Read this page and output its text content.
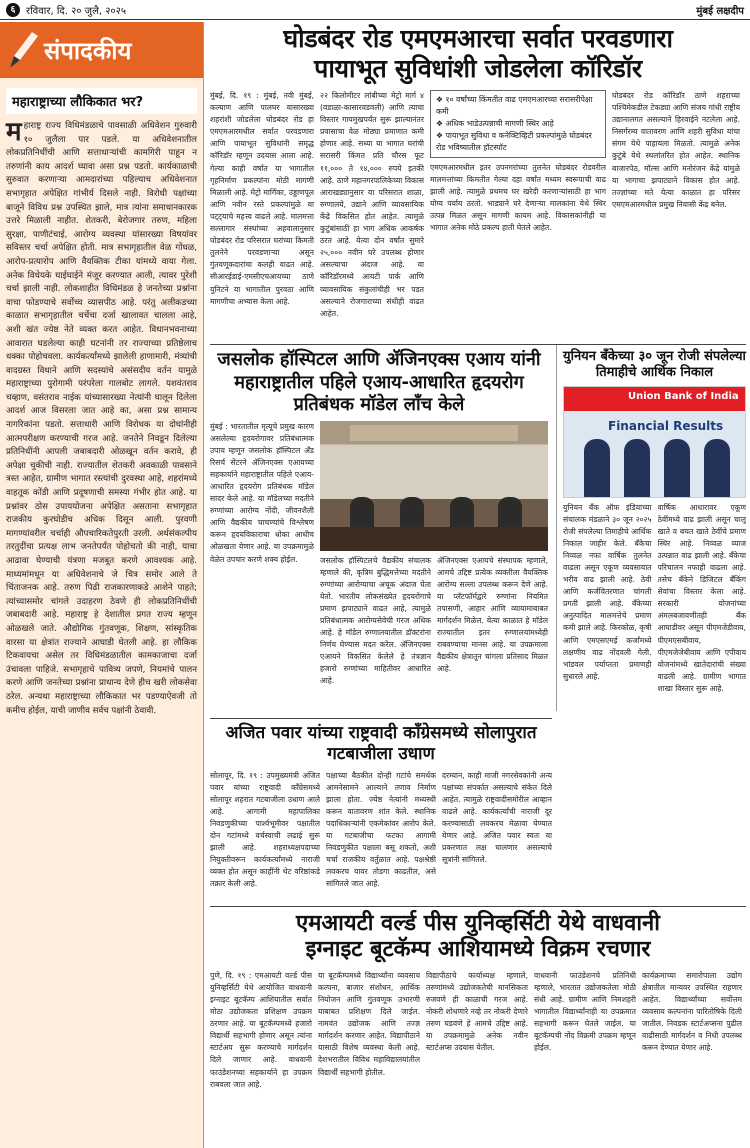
६	रविवार, दि. २० जुलै, २०२५	मुंबई लक्षदीप
संपादकीय
महाराष्ट्राच्या लौकिकात भर?
महाराष्ट्र राज्य विधिमंडळाचे पावसाळी अधिवेशन गुरुवारी १० जुलैला पार पडले. या अधिवेशनातील लोकप्रतिनिधींची आणि सत्ताधाऱ्यांची कामगिरी पाहून न तरुणांनी काय आदर्श घ्यावा असा प्रश्न पडतो. कार्यकाळाची सुरुवात करणाऱ्या आमदारांच्या पहिल्याच अधिवेशनात सभागृहात अपेक्षित गांभीर्य दिसले नाही. विरोधी पक्षांच्या बाजूने विविध प्रश्न उपस्थित झाले, मात्र त्यांना समाधानकारक उत्तरे मिळाली नाहीत. शेतकरी, बेरोजगार तरुण, महिला सुरक्षा, पाणीटंचाई, आरोग्य व्यवस्था यांसारख्या विषयांवर सविस्तर चर्चा अपेक्षित होती. मात्र सभागृहातील वेळ गोंधळ, आरोप-प्रत्यारोप आणि वैयक्तिक टीका यांमध्ये वाया गेला. अनेक विधेयके घाईघाईने मंजूर करण्यात आली, त्यावर पुरेशी चर्चा झाली नाही. लोकशाहीत विधिमंडळ हे जनतेच्या प्रश्नांना वाचा फोडण्याचे सर्वोच्च व्यासपीठ आहे. परंतु अलीकडच्या काळात सभागृहातील चर्चेचा दर्जा खालावत चालला आहे, अशी खंत ज्येष्ठ नेते व्यक्त करत आहेत. विधानभवनाच्या आवारात घडलेल्या काही घटनांनी तर राज्याच्या प्रतिष्ठेलाच धक्का पोहोचवला. कार्यकर्त्यांमध्ये झालेली हाणामारी, मंत्र्यांची वादग्रस्त विधाने आणि सदस्यांचे असंसदीय वर्तन यामुळे महाराष्ट्राच्या पुरोगामी परंपरेला गालबोट लागले. यशवंतराव चव्हाण, वसंतराव नाईक यांच्यासारख्या नेत्यांनी घालून दिलेला आदर्श आज विसरला जात आहे का, असा प्रश्न सामान्य नागरिकांना पडतो. सत्ताधारी आणि विरोधक या दोघांनीही आत्मपरीक्षण करण्याची गरज आहे. जनतेने निवडून दिलेल्या प्रतिनिधींनी आपली जबाबदारी ओळखून वर्तन करावे, ही अपेक्षा चुकीची नाही. राज्यातील शेतकरी अवकाळी पावसाने त्रस्त आहेत, ग्रामीण भागात रस्त्यांची दुरवस्था आहे, शहरांमध्ये वाहतूक कोंडी आणि प्रदूषणाची समस्या गंभीर होत आहे. या प्रश्नांवर ठोस उपाययोजना अपेक्षित असताना सभागृहात राजकीय कुरघोडीच अधिक दिसून आली. पुरवणी मागण्यांवरील चर्चाही औपचारिकतेपुरती उरली. अर्थसंकल्पीय तरतुदींचा प्रत्यक्ष लाभ जनतेपर्यंत पोहोचतो की नाही, याचा आढावा घेण्याची यंत्रणा मजबूत करणे आवश्यक आहे. माध्यमांमधून या अधिवेशनाचे जे चित्र समोर आले ते चिंताजनक आहे. तरुण पिढी राजकारणाकडे आशेने पाहते; त्यांच्यासमोर चांगले उदाहरण ठेवणे ही लोकप्रतिनिधींची जबाबदारी आहे. महाराष्ट्र हे देशातील प्रगत राज्य म्हणून ओळखले जाते. औद्योगिक गुंतवणूक, शिक्षण, सांस्कृतिक वारसा या क्षेत्रांत राज्याने आघाडी घेतली आहे. हा लौकिक टिकवायचा असेल तर विधिमंडळातील कामकाजाचा दर्जा उंचावला पाहिजे. सभागृहाचे पावित्र्य जपणे, नियमांचे पालन करणे आणि जनतेच्या प्रश्नांना प्राधान्य देणे हीच खरी लोकसेवा ठरेल. अन्यथा महाराष्ट्राच्या लौकिकात भर पडण्याऐवजी तो कमीच होईल, याची जाणीव सर्वच पक्षांनी ठेवावी.
घोडबंदर रोड एमएमआरचा सर्वात परवडणारा
पायाभूत सुविधांशी जोडलेला कॉरिडॉर
मुंबई, दि. १९ : मुंबई, नवी मुंबई, कल्याण आणि पालघर यासारख्या शहरांशी जोडलेला घोडबंदर रोड हा एमएमआरमधील सर्वात परवडणारा आणि पायाभूत सुविधांनी समृद्ध कॉरिडॉर म्हणून उदयास आला आहे. गेल्या काही वर्षांत या भागातील गृहनिर्माण प्रकल्पांना मोठी मागणी मिळाली आहे. मेट्रो मार्गिका, उड्डाणपूल आणि नवीन रस्ते प्रकल्पांमुळे या पट्ट्याचे महत्त्व वाढले आहे. मालमत्ता सल्लागार संस्थांच्या अहवालानुसार घोडबंदर रोड परिसरात घरांच्या किमती तुलनेने परवडणाऱ्या असून गुंतवणूकदारांचा कलही वाढत आहे. सीआरईडाई-एमसीएचआयच्या ठाणे युनिटने या भागातील पुरवठा आणि मागणीचा अभ्यास केला आहे.
२२ किलोमीटर लांबीच्या मेट्रो मार्ग ४ (वडाळा-कासारवडवली) आणि त्याचा विस्तार गायमुखपर्यंत सुरू झाल्यानंतर प्रवासाचा वेळ मोठ्या प्रमाणात कमी होणार आहे. सध्या या भागात घरांची सरासरी किंमत प्रति चौरस फूट ११,००० ते १४,००० रुपये इतकी आहे. ठाणे महानगरपालिकेच्या विकास आराखड्यानुसार या परिसरात शाळा, रुग्णालये, उद्याने आणि व्यावसायिक केंद्रे विकसित होत आहेत. त्यामुळे कुटुंबांसाठी हा भाग अधिक आकर्षक ठरत आहे. येत्या दोन वर्षांत सुमारे २५,००० नवीन घरे उपलब्ध होणार असल्याचा अंदाज आहे. या कॉरिडॉरमध्ये आयटी पार्क आणि व्यावसायिक संकुलांचीही भर पडत असल्याने रोजगाराच्या संधीही वाढत आहेत.
❖ १० वर्षांच्या किंमतीत वाढ एमएमआरच्या सरासरीपेक्षा कमी
❖ अधिक भाडेउत्पन्नाची मागणी स्थिर आहे
❖ पायाभूत सुविधा व कनेक्टिव्हिटी प्रकल्पांमुळे घोडबंदर रोड भविष्यातील हॉटस्पॉट
एमएमआरमधील इतर उपनगरांच्या तुलनेत घोडबंदर रोडवरील मालमत्तांच्या किमतीत गेल्या दहा वर्षांत मध्यम स्वरूपाची वाढ झाली आहे. त्यामुळे प्रथमच घर खरेदी करणाऱ्यांसाठी हा भाग योग्य पर्याय ठरतो. भाड्याने घरे देणाऱ्या मालकांना येथे स्थिर उत्पन्न मिळत असून मागणी कायम आहे. विकासकांनीही या भागात अनेक मोठे प्रकल्प हाती घेतले आहेत.
घोडबंदर रोड कॉरिडॉर ठाणे शहराच्या पश्चिमेकडील टेकड्या आणि संजय गांधी राष्ट्रीय उद्यानालगत असल्याने हिरवाईने नटलेला आहे. निसर्गरम्य वातावरण आणि शहरी सुविधा यांचा संगम येथे पाहायला मिळतो. त्यामुळे अनेक कुटुंबे येथे स्थलांतरित होत आहेत. स्थानिक बाजारपेठ, मॉल्स आणि मनोरंजन केंद्रे यांमुळे या भागाचा झपाट्याने विकास होत आहे. तज्ज्ञांच्या मते येत्या काळात हा परिसर एमएमआरमधील प्रमुख निवासी केंद्र बनेल.
जसलोक हॉस्पिटल आणि ॲजिनएक्स एआय यांनी महाराष्ट्रातील पहिले एआय-आधारित हृदयरोग प्रतिबंधक मॉडेल लाँच केले
मुंबई : भारतातील मृत्यूचे प्रमुख कारण असलेल्या हृदयरोगावर प्रतिबंधात्मक उपाय म्हणून जसलोक हॉस्पिटल अँड रिसर्च सेंटरने ॲजिनएक्स एआयच्या सहकार्याने महाराष्ट्रातील पहिले एआय-आधारित हृदयरोग प्रतिबंधक मॉडेल सादर केले आहे. या मॉडेलच्या मदतीने रुग्णांच्या आरोग्य नोंदी, जीवनशैली आणि वैद्यकीय चाचण्यांचे विश्लेषण करून हृदयविकाराचा धोका आधीच ओळखता येणार आहे. या उपक्रमामुळे वेळेत उपचार करणे शक्य होईल.	जसलोक हॉस्पिटलचे वैद्यकीय संचालक म्हणाले की, कृत्रिम बुद्धिमत्तेच्या मदतीने रुग्णांच्या आरोग्याचा अचूक अंदाज घेता येतो. भारतीय लोकसंख्येत हृदयरोगाचे प्रमाण झपाट्याने वाढत आहे, त्यामुळे प्रतिबंधात्मक आरोग्यसेवेची गरज अधिक आहे. हे मॉडेल रुग्णालयातील डॉक्टरांना निर्णय घेण्यास मदत करेल. ॲजिनएक्स एआयने विकसित केलेले हे तंत्रज्ञान हजारो रुग्णांच्या माहितीवर आधारित आहे.
ॲजिनएक्स एआयचे संस्थापक म्हणाले, आमचे उद्दिष्ट प्रत्येक व्यक्तीला वैयक्तिक आरोग्य सल्ला उपलब्ध करून देणे आहे. या प्लॅटफॉर्मद्वारे रुग्णांना नियमित तपासणी, आहार आणि व्यायामाबाबत मार्गदर्शन मिळेल. येत्या काळात हे मॉडेल राज्यातील इतर रुग्णालयांमध्येही राबवण्याचा मानस आहे. या उपक्रमाला वैद्यकीय क्षेत्रातून चांगला प्रतिसाद मिळत आहे.
युनियन बँकेच्या ३० जून रोजी संपलेल्या तिमाहीचे आर्थिक निकाल
Union Bank of India
Financial Results
युनियन बँक ऑफ इंडियाच्या संचालक मंडळाने ३० जून २०२५ रोजी संपलेल्या तिमाहीचे आर्थिक निकाल जाहीर केले. बँकेचा निव्वळ नफा वार्षिक तुलनेत वाढला असून एकूण व्यवसायात भरीव वाढ झाली आहे. ठेवी आणि कर्जवितरणात चांगली प्रगती झाली आहे. बँकेच्या अनुत्पादित मालमत्तेचे प्रमाण कमी झाले आहे. किरकोळ, कृषी आणि एमएसएमई कर्जांमध्ये लक्षणीय वाढ नोंदवली गेली. भांडवल पर्याप्तता प्रमाणही सुधारले आहे.
वार्षिक आधारावर एकूण ठेवींमध्ये वाढ झाली असून चालू खाते व बचत खाते ठेवींचे प्रमाण स्थिर आहे. निव्वळ व्याज उत्पन्नात वाढ झाली आहे. बँकेचा परिचालन नफाही वाढला आहे. तसेच बँकेने डिजिटल बँकिंग सेवांचा विस्तार केला आहे. सरकारी योजनांच्या अंमलबजावणीतही बँक आघाडीवर असून पीएमजेडीवाय, पीएमएसबीवाय, पीएमजेजेबीवाय आणि एपीवाय योजनांमध्ये खातेदारांची संख्या वाढली आहे. ग्रामीण भागात शाखा विस्तार सुरू आहे.
अजित पवार यांच्या राष्ट्रवादी कॉंग्रेसमध्ये सोलापुरात गटबाजीला उधाण
सोलापूर, दि. १९ : उपमुख्यमंत्री अजित पवार यांच्या राष्ट्रवादी कॉंग्रेसमध्ये सोलापूर शहरात गटबाजीला उधाण आले आहे. आगामी महापालिका निवडणुकीच्या पार्श्वभूमीवर पक्षातील दोन गटांमध्ये वर्चस्वाची लढाई सुरू झाली आहे. शहराध्यक्षपदाच्या नियुक्तीवरून कार्यकर्त्यांमध्ये नाराजी व्यक्त होत असून काहींनी थेट वरिष्ठांकडे तक्रार केली आहे.
पक्षाच्या बैठकीत दोन्ही गटांचे समर्थक आमनेसामने आल्याने तणाव निर्माण झाला होता. ज्येष्ठ नेत्यांनी मध्यस्थी करून वातावरण शांत केले. स्थानिक पदाधिकाऱ्यांनी एकमेकांवर आरोप केले. या गटबाजीचा फटका आगामी निवडणुकीत पक्षाला बसू शकतो, अशी चर्चा राजकीय वर्तुळात आहे. पक्षश्रेष्ठी लवकरच यावर तोडगा काढतील, असे सांगितले जात आहे.
दरम्यान, काही माजी नगरसेवकांनी अन्य पक्षांच्या संपर्कात असल्याचे संकेत दिले आहेत. त्यामुळे राष्ट्रवादीसमोरील आव्हान वाढले आहे. कार्यकर्त्यांची नाराजी दूर करण्यासाठी लवकरच मेळावा घेण्यात येणार आहे. अजित पवार स्वतः या प्रकरणात लक्ष घालणार असल्याचे सूत्रांनी सांगितले.
एमआयटी वर्ल्ड पीस युनिव्हर्सिटी येथे वाधवानी
इग्नाइट बूटकॅम्प आशियामध्ये विक्रम रचणार
पुणे, दि. १९ : एमआयटी वर्ल्ड पीस युनिव्हर्सिटी येथे आयोजित वाधवानी इग्नाइट बूटकॅम्प आशियातील सर्वात मोठा उद्योजकता प्रशिक्षण उपक्रम ठरणार आहे. या बूटकॅम्पमध्ये हजारो विद्यार्थी सहभागी होणार असून त्यांना स्टार्टअप सुरू करण्याचे मार्गदर्शन दिले जाणार आहे. वाधवानी फाउंडेशनच्या सहकार्याने हा उपक्रम राबवला जात आहे.
या बूटकॅम्पमध्ये विद्यार्थ्यांना व्यवसाय कल्पना, बाजार संशोधन, आर्थिक नियोजन आणि गुंतवणूक उभारणी याबाबत प्रशिक्षण दिले जाईल. नामवंत उद्योजक आणि तज्ज्ञ मार्गदर्शन करणार आहेत. विद्यापीठाने यासाठी विशेष व्यवस्था केली आहे. देशभरातील विविध महाविद्यालयांतील विद्यार्थी सहभागी होतील.
विद्यापीठाचे कार्याध्यक्ष म्हणाले, तरुणांमध्ये उद्योजकतेची मानसिकता रुजवणे ही काळाची गरज आहे. नोकरी शोधणारे नव्हे तर नोकरी देणारे तरुण घडवणे हे आमचे उद्दिष्ट आहे. या उपक्रमामुळे अनेक नवीन स्टार्टअप्स उदयास येतील.
वाधवानी फाउंडेशनचे प्रतिनिधी म्हणाले, भारतात उद्योजकतेला मोठी संधी आहे. ग्रामीण आणि निमशहरी भागातील विद्यार्थ्यांनाही या उपक्रमात सहभागी करून घेतले जाईल. या बूटकॅम्पची नोंद विक्रमी उपक्रम म्हणून होईल.
कार्यक्रमाच्या समारोपाला उद्योग क्षेत्रातील मान्यवर उपस्थित राहणार आहेत. विद्यार्थ्यांच्या सर्वोत्तम व्यवसाय कल्पनांना पारितोषिके दिली जातील. निवडक स्टार्टअप्सना पुढील वाढीसाठी मार्गदर्शन व निधी उपलब्ध करून देण्यात येणार आहे.
